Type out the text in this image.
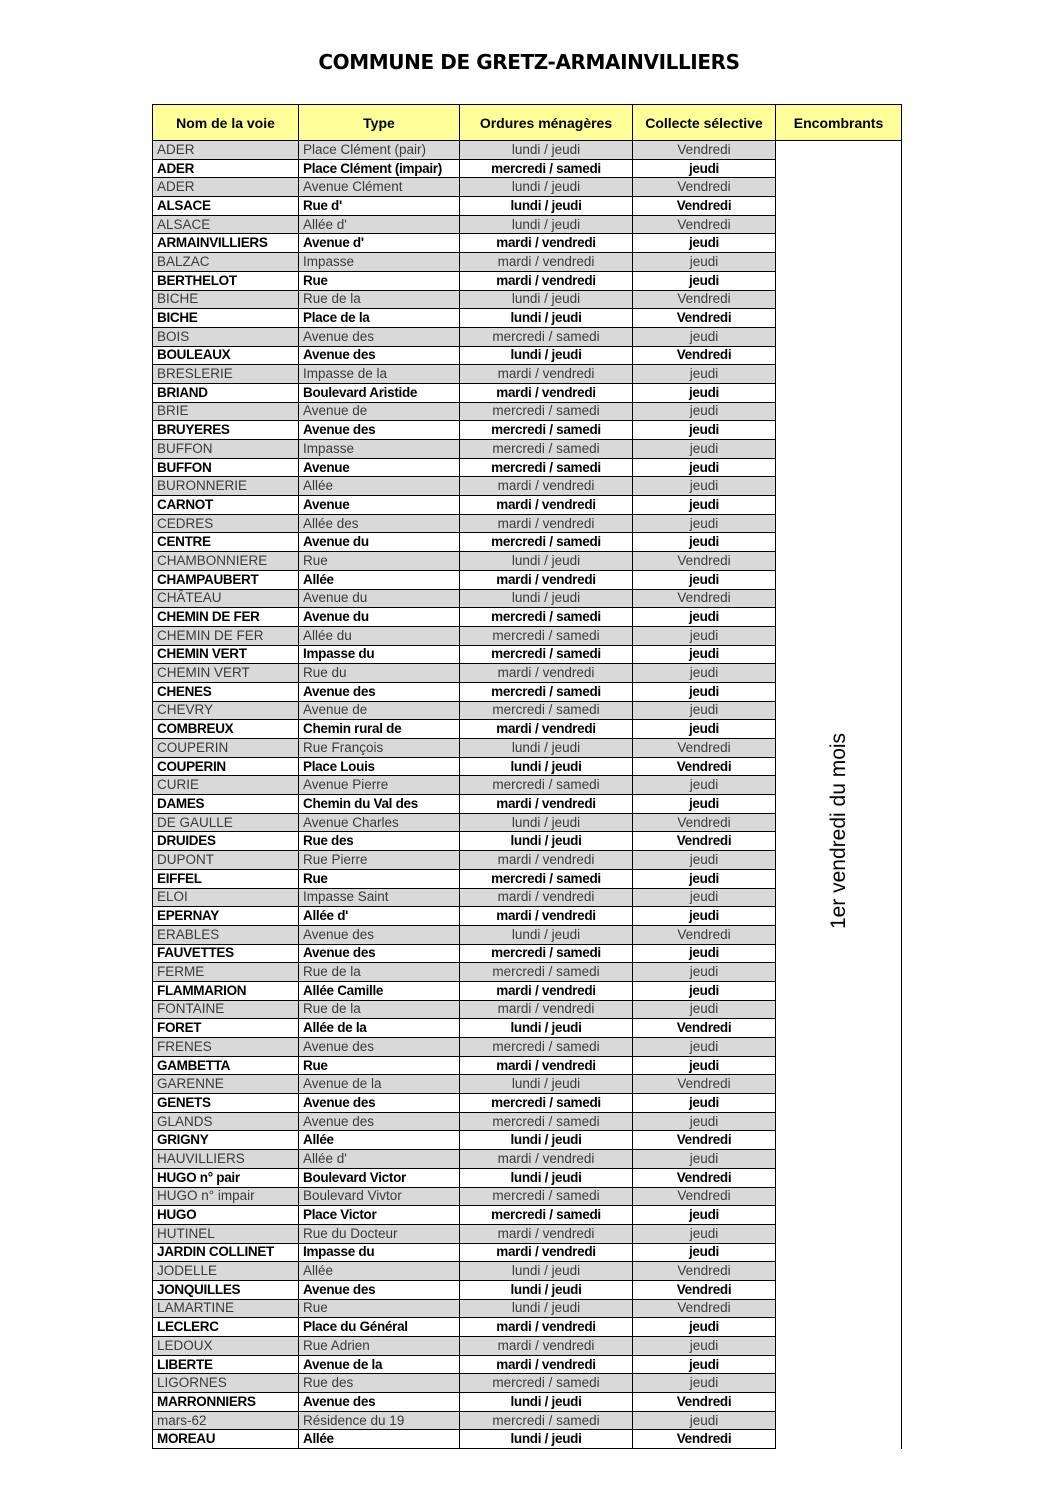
COMMUNE DE GRETZ-ARMAINVILLIERS
Nom de la voie	Type	Ordures ménagères	Collecte sélective	Encombrants
ADER	Place Clément (pair)	lundi / jeudi	Vendredi	1er vendredi du mois

ADER	Place Clément (impair)	mercredi / samedi	jeudi	
ADER	Avenue Clément	lundi / jeudi	Vendredi	
ALSACE	Rue d'	lundi / jeudi	Vendredi	
ALSACE	Allée d'	lundi / jeudi	Vendredi	
ARMAINVILLIERS	Avenue d'	mardi / vendredi	jeudi	
BALZAC	Impasse	mardi / vendredi	jeudi	
BERTHELOT	Rue	mardi / vendredi	jeudi	
BICHE	Rue de la	lundi / jeudi	Vendredi	
BICHE	Place de la	lundi / jeudi	Vendredi	
BOIS	Avenue des	mercredi / samedi	jeudi	
BOULEAUX	Avenue des	lundi / jeudi	Vendredi	
BRESLERIE	Impasse de la	mardi / vendredi	jeudi	
BRIAND	Boulevard Aristide	mardi / vendredi	jeudi	
BRIE	Avenue de	mercredi / samedi	jeudi	
BRUYERES	Avenue des	mercredi / samedi	jeudi	
BUFFON	Impasse	mercredi / samedi	jeudi	
BUFFON	Avenue	mercredi / samedi	jeudi	
BURONNERIE	Allée	mardi / vendredi	jeudi	
CARNOT	Avenue	mardi / vendredi	jeudi	
CEDRES	Allée des	mardi / vendredi	jeudi	
CENTRE	Avenue du	mercredi / samedi	jeudi	
CHAMBONNIERE	Rue	lundi / jeudi	Vendredi	
CHAMPAUBERT	Allée	mardi / vendredi	jeudi	
CHÂTEAU	Avenue du	lundi / jeudi	Vendredi	
CHEMIN DE FER	Avenue du	mercredi / samedi	jeudi	
CHEMIN DE FER	Allée du	mercredi / samedi	jeudi	
CHEMIN VERT	Impasse du	mercredi / samedi	jeudi	
CHEMIN VERT	Rue du	mardi / vendredi	jeudi	
CHENES	Avenue des	mercredi / samedi	jeudi	
CHEVRY	Avenue de	mercredi / samedi	jeudi	
COMBREUX	Chemin rural de	mardi / vendredi	jeudi	
COUPERIN	Rue François	lundi / jeudi	Vendredi	
COUPERIN	Place Louis	lundi / jeudi	Vendredi	
CURIE	Avenue Pierre	mercredi / samedi	jeudi	
DAMES	Chemin du Val des	mardi / vendredi	jeudi	
DE GAULLE	Avenue Charles	lundi / jeudi	Vendredi	
DRUIDES	Rue des	lundi / jeudi	Vendredi	
DUPONT	Rue Pierre	mardi / vendredi	jeudi	
EIFFEL	Rue	mercredi / samedi	jeudi	
ELOI	Impasse Saint	mardi / vendredi	jeudi	
EPERNAY	Allée d'	mardi / vendredi	jeudi	
ERABLES	Avenue des	lundi / jeudi	Vendredi	
FAUVETTES	Avenue des	mercredi / samedi	jeudi	
FERME	Rue de la	mercredi / samedi	jeudi	
FLAMMARION	Allée Camille	mardi / vendredi	jeudi	
FONTAINE	Rue de la	mardi / vendredi	jeudi	
FORET	Allée de la	lundi / jeudi	Vendredi	
FRENES	Avenue des	mercredi / samedi	jeudi	
GAMBETTA	Rue	mardi / vendredi	jeudi	
GARENNE	Avenue de la	lundi / jeudi	Vendredi	
GENETS	Avenue des	mercredi / samedi	jeudi	
GLANDS	Avenue des	mercredi / samedi	jeudi	
GRIGNY	Allée	lundi / jeudi	Vendredi	
HAUVILLIERS	Allée d'	mardi / vendredi	jeudi	
HUGO n° pair	Boulevard Victor	lundi / jeudi	Vendredi	
HUGO n° impair	Boulevard Vivtor	mercredi / samedi	Vendredi	
HUGO	Place Victor	mercredi / samedi	jeudi	
HUTINEL	Rue du Docteur	mardi / vendredi	jeudi	
JARDIN COLLINET	Impasse du	mardi / vendredi	jeudi	
JODELLE	Allée	lundi / jeudi	Vendredi	
JONQUILLES	Avenue des	lundi / jeudi	Vendredi	
LAMARTINE	Rue	lundi / jeudi	Vendredi	
LECLERC	Place du Général	mardi / vendredi	jeudi	
LEDOUX	Rue Adrien	mardi / vendredi	jeudi	
LIBERTE	Avenue de la	mardi / vendredi	jeudi	
LIGORNES	Rue des	mercredi / samedi	jeudi	
MARRONNIERS	Avenue des	lundi / jeudi	Vendredi	
mars-62	Résidence du 19	mercredi / samedi	jeudi	
MOREAU	Allée	lundi / jeudi	Vendredi	
